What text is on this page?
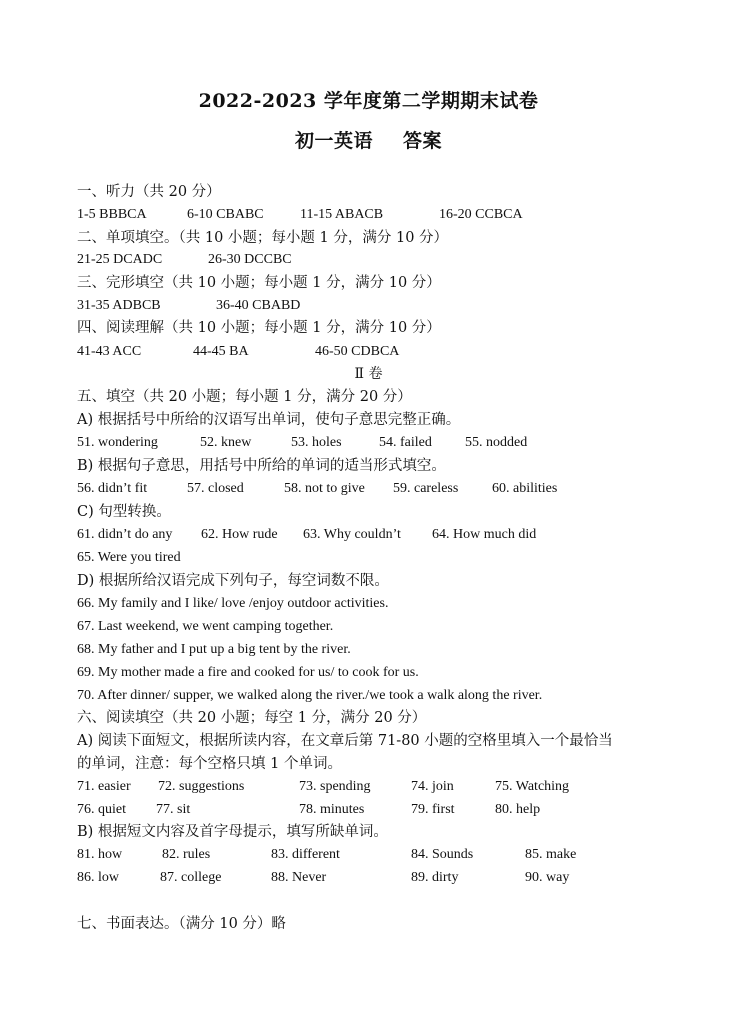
2022-2023 学年度第二学期期末试卷
初一英语 答案
一、听力（共 20 分）
1-5 BBBCA	6-10 CBABC	11-15 ABACB	16-20 CCBCA
二、单项填空。（共 10 小题；每小题 1 分，满分 10 分）
21-25 DCADC	26-30 DCCBC
三、完形填空（共 10 小题；每小题 1 分，满分 10 分）
31-35 ADBCB	36-40 CBABD
四、阅读理解（共 10 小题；每小题 1 分，满分 10 分）
41-43 ACC	44-45 BA	46-50 CDBCA
Ⅱ 卷
五、填空（共 20 小题；每小题 1 分，满分 20 分）
A) 根据括号中所给的汉语写出单词，使句子意思完整正确。
51. wondering	52. knew	53. holes	54. failed 55. nodded
B) 根据句子意思，用括号中所给的单词的适当形式填空。
56. didn’t fit	57. closed	58. not to give 59. careless 60. abilities
C) 句型转换。
61. didn’t do any 62. How rude 63. Why couldn’t 64. How much did
65. Were you tired
D) 根据所给汉语完成下列句子，每空词数不限。
66. My family and I like/ love /enjoy outdoor activities.
67. Last weekend, we went camping together.
68. My father and I put up a big tent by the river.
69. My mother made a fire and cooked for us/ to cook for us.
70. After dinner/ supper, we walked along the river./we took a walk along the river.
六、阅读填空（共 20 小题；每空 1 分，满分 20 分）
A) 阅读下面短文，根据所读内容，在文章后第 71-80 小题的空格里填入一个最恰当
的单词，注意：每个空格只填 1 个单词。
71. easier 72. suggestions	73. spending	74. join	75. Watching
76. quiet 77. sit	78. minutes	79. first	80. help
B) 根据短文内容及首字母提示，填写所缺单词。
81. how	82. rules	83. different	84. Sounds	85. make
86. low	87. college	88. Never	89. dirty	90. way
七、书面表达。（满分 10 分）略
